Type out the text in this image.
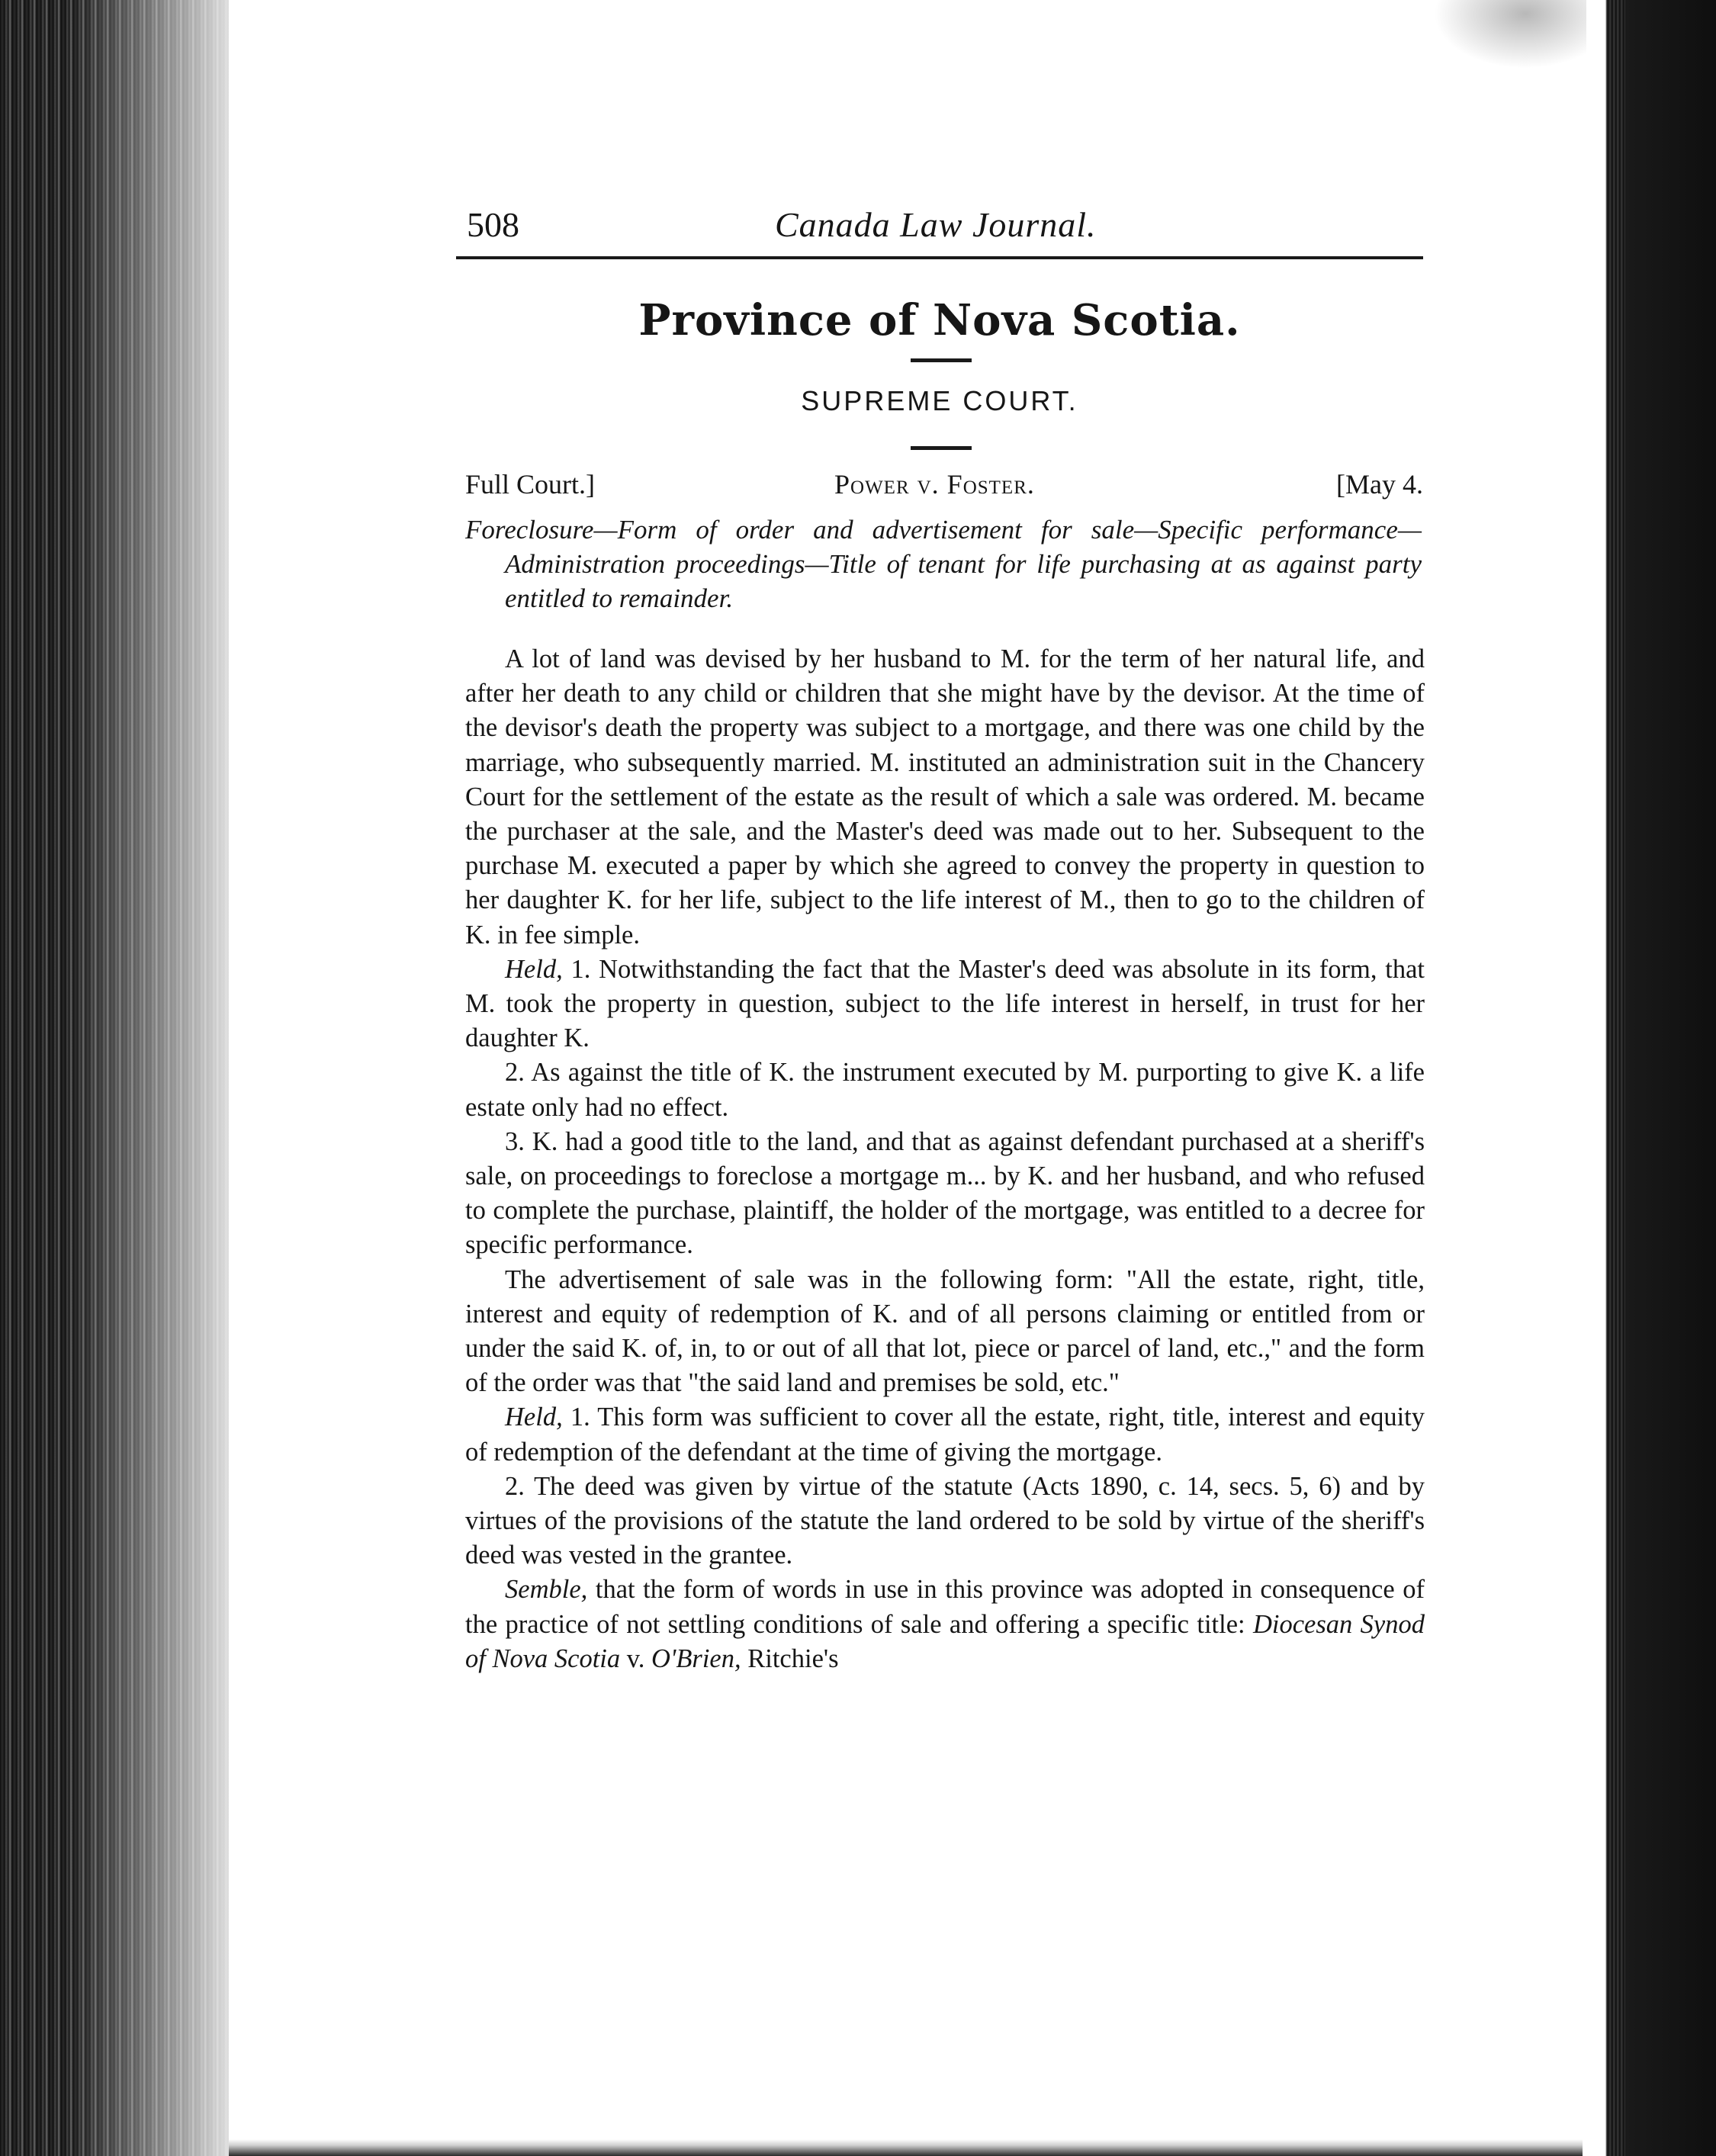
508	Canada Law Journal.
Province of Nova Scotia.
SUPREME COURT.
Full Court.]	Power v. Foster.	[May 4.
Foreclosure—Form of order and advertisement for sale—Specific performance—Administration proceedings—Title of tenant for life purchasing at as against party entitled to remainder.

A lot of land was devised by her husband to M. for the term of her natural life, and after her death to any child or children that she might have by the devisor. At the time of the devisor's death the property was subject to a mortgage, and there was one child by the marriage, who subsequently married. M. instituted an administration suit in the Chancery Court for the settlement of the estate as the result of which a sale was ordered. M. became the purchaser at the sale, and the Master's deed was made out to her. Subsequent to the purchase M. executed a paper by which she agreed to convey the property in question to her daughter K. for her life, subject to the life interest of M., then to go to the children of K. in fee simple.

Held, 1. Notwithstanding the fact that the Master's deed was absolute in its form, that M. took the property in question, subject to the life interest in herself, in trust for her daughter K.

2. As against the title of K. the instrument executed by M. purporting to give K. a life estate only had no effect.

3. K. had a good title to the land, and that as against defendant purchased at a sheriff's sale, on proceedings to foreclose a mortgage m... by K. and her husband, and who refused to complete the purchase, plaintiff, the holder of the mortgage, was entitled to a decree for specific performance.

The advertisement of sale was in the following form: "All the estate, right, title, interest and equity of redemption of K. and of all persons claiming or entitled from or under the said K. of, in, to or out of all that lot, piece or parcel of land, etc.," and the form of the order was that "the said land and premises be sold, etc."

Held, 1. This form was sufficient to cover all the estate, right, title, interest and equity of redemption of the defendant at the time of giving the mortgage.

2. The deed was given by virtue of the statute (Acts 1890, c. 14, secs. 5, 6) and by virtues of the provisions of the statute the land ordered to be sold by virtue of the sheriff's deed was vested in the grantee.

Semble, that the form of words in use in this province was adopted in consequence of the practice of not settling conditions of sale and offering a specific title: Diocesan Synod of Nova Scotia v. O'Brien, Ritchie's
